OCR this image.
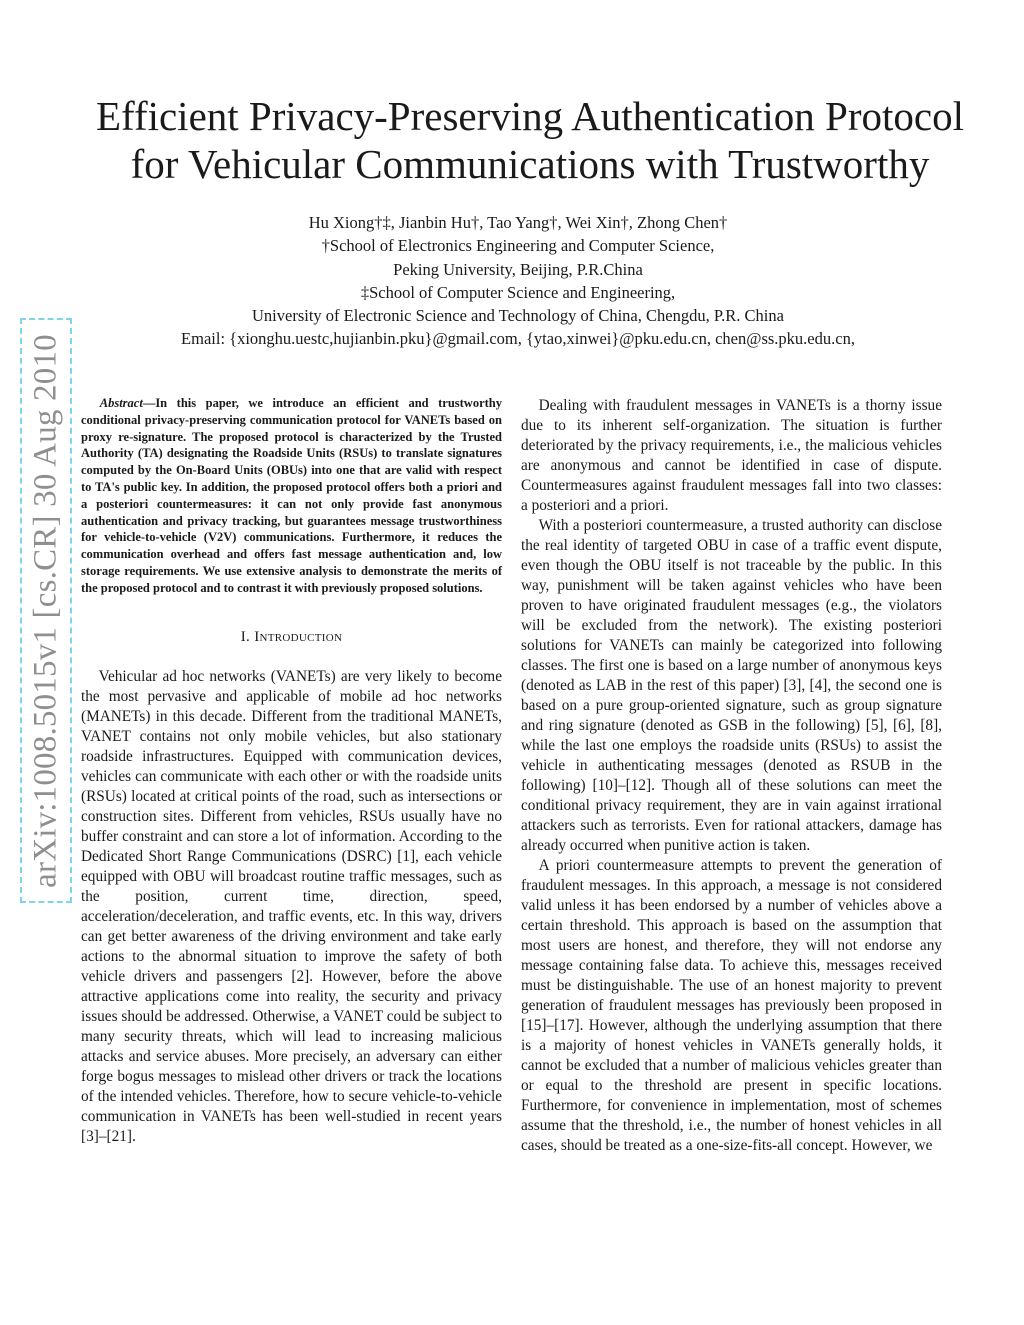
arXiv:1008.5015v1 [cs.CR] 30 Aug 2010
Efficient Privacy-Preserving Authentication Protocol
for Vehicular Communications with Trustworthy
Hu Xiong†‡, Jianbin Hu†, Tao Yang†, Wei Xin†, Zhong Chen†
†School of Electronics Engineering and Computer Science,
Peking University, Beijing, P.R.China
‡School of Computer Science and Engineering,
University of Electronic Science and Technology of China, Chengdu, P.R. China
Email: {xionghu.uestc,hujianbin.pku}@gmail.com, {ytao,xinwei}@pku.edu.cn, chen@ss.pku.edu.cn,

Abstract—In this paper, we introduce an efficient and trustworthy conditional privacy-preserving communication protocol for VANETs based on proxy re-signature. The proposed protocol is characterized by the Trusted Authority (TA) designating the Roadside Units (RSUs) to translate signatures computed by the On-Board Units (OBUs) into one that are valid with respect to TA's public key. In addition, the proposed protocol offers both a priori and a posteriori countermeasures: it can not only provide fast anonymous authentication and privacy tracking, but guarantees message trustworthiness for vehicle-to-vehicle (V2V) communications. Furthermore, it reduces the communication overhead and offers fast message authentication and, low storage requirements. We use extensive analysis to demonstrate the merits of the proposed protocol and to contrast it with previously proposed solutions.

I. Introduction

Vehicular ad hoc networks (VANETs) are very likely to become the most pervasive and applicable of mobile ad hoc networks (MANETs) in this decade. Different from the traditional MANETs, VANET contains not only mobile vehicles, but also stationary roadside infrastructures. Equipped with communication devices, vehicles can communicate with each other or with the roadside units (RSUs) located at critical points of the road, such as intersections or construction sites. Different from vehicles, RSUs usually have no buffer constraint and can store a lot of information. According to the Dedicated Short Range Communications (DSRC) [1], each vehicle equipped with OBU will broadcast routine traffic messages, such as the position, current time, direction, speed, acceleration/deceleration, and traffic events, etc. In this way, drivers can get better awareness of the driving environment and take early actions to the abnormal situation to improve the safety of both vehicle drivers and passengers [2]. However, before the above attractive applications come into reality, the security and privacy issues should be addressed. Otherwise, a VANET could be subject to many security threats, which will lead to increasing malicious attacks and service abuses. More precisely, an adversary can either forge bogus messages to mislead other drivers or track the locations of the intended vehicles. Therefore, how to secure vehicle-to-vehicle communication in VANETs has been well-studied in recent years [3]–[21].

Dealing with fraudulent messages in VANETs is a thorny issue due to its inherent self-organization. The situation is further deteriorated by the privacy requirements, i.e., the malicious vehicles are anonymous and cannot be identified in case of dispute. Countermeasures against fraudulent messages fall into two classes: a posteriori and a priori.

With a posteriori countermeasure, a trusted authority can disclose the real identity of targeted OBU in case of a traffic event dispute, even though the OBU itself is not traceable by the public. In this way, punishment will be taken against vehicles who have been proven to have originated fraudulent messages (e.g., the violators will be excluded from the network). The existing posteriori solutions for VANETs can mainly be categorized into following classes. The first one is based on a large number of anonymous keys (denoted as LAB in the rest of this paper) [3], [4], the second one is based on a pure group-oriented signature, such as group signature and ring signature (denoted as GSB in the following) [5], [6], [8], while the last one employs the roadside units (RSUs) to assist the vehicle in authenticating messages (denoted as RSUB in the following) [10]–[12]. Though all of these solutions can meet the conditional privacy requirement, they are in vain against irrational attackers such as terrorists. Even for rational attackers, damage has already occurred when punitive action is taken.

A priori countermeasure attempts to prevent the generation of fraudulent messages. In this approach, a message is not considered valid unless it has been endorsed by a number of vehicles above a certain threshold. This approach is based on the assumption that most users are honest, and therefore, they will not endorse any message containing false data. To achieve this, messages received must be distinguishable. The use of an honest majority to prevent generation of fraudulent messages has previously been proposed in [15]–[17]. However, although the underlying assumption that there is a majority of honest vehicles in VANETs generally holds, it cannot be excluded that a number of malicious vehicles greater than or equal to the threshold are present in specific locations. Furthermore, for convenience in implementation, most of schemes assume that the threshold, i.e., the number of honest vehicles in all cases, should be treated as a one-size-fits-all concept. However, we
